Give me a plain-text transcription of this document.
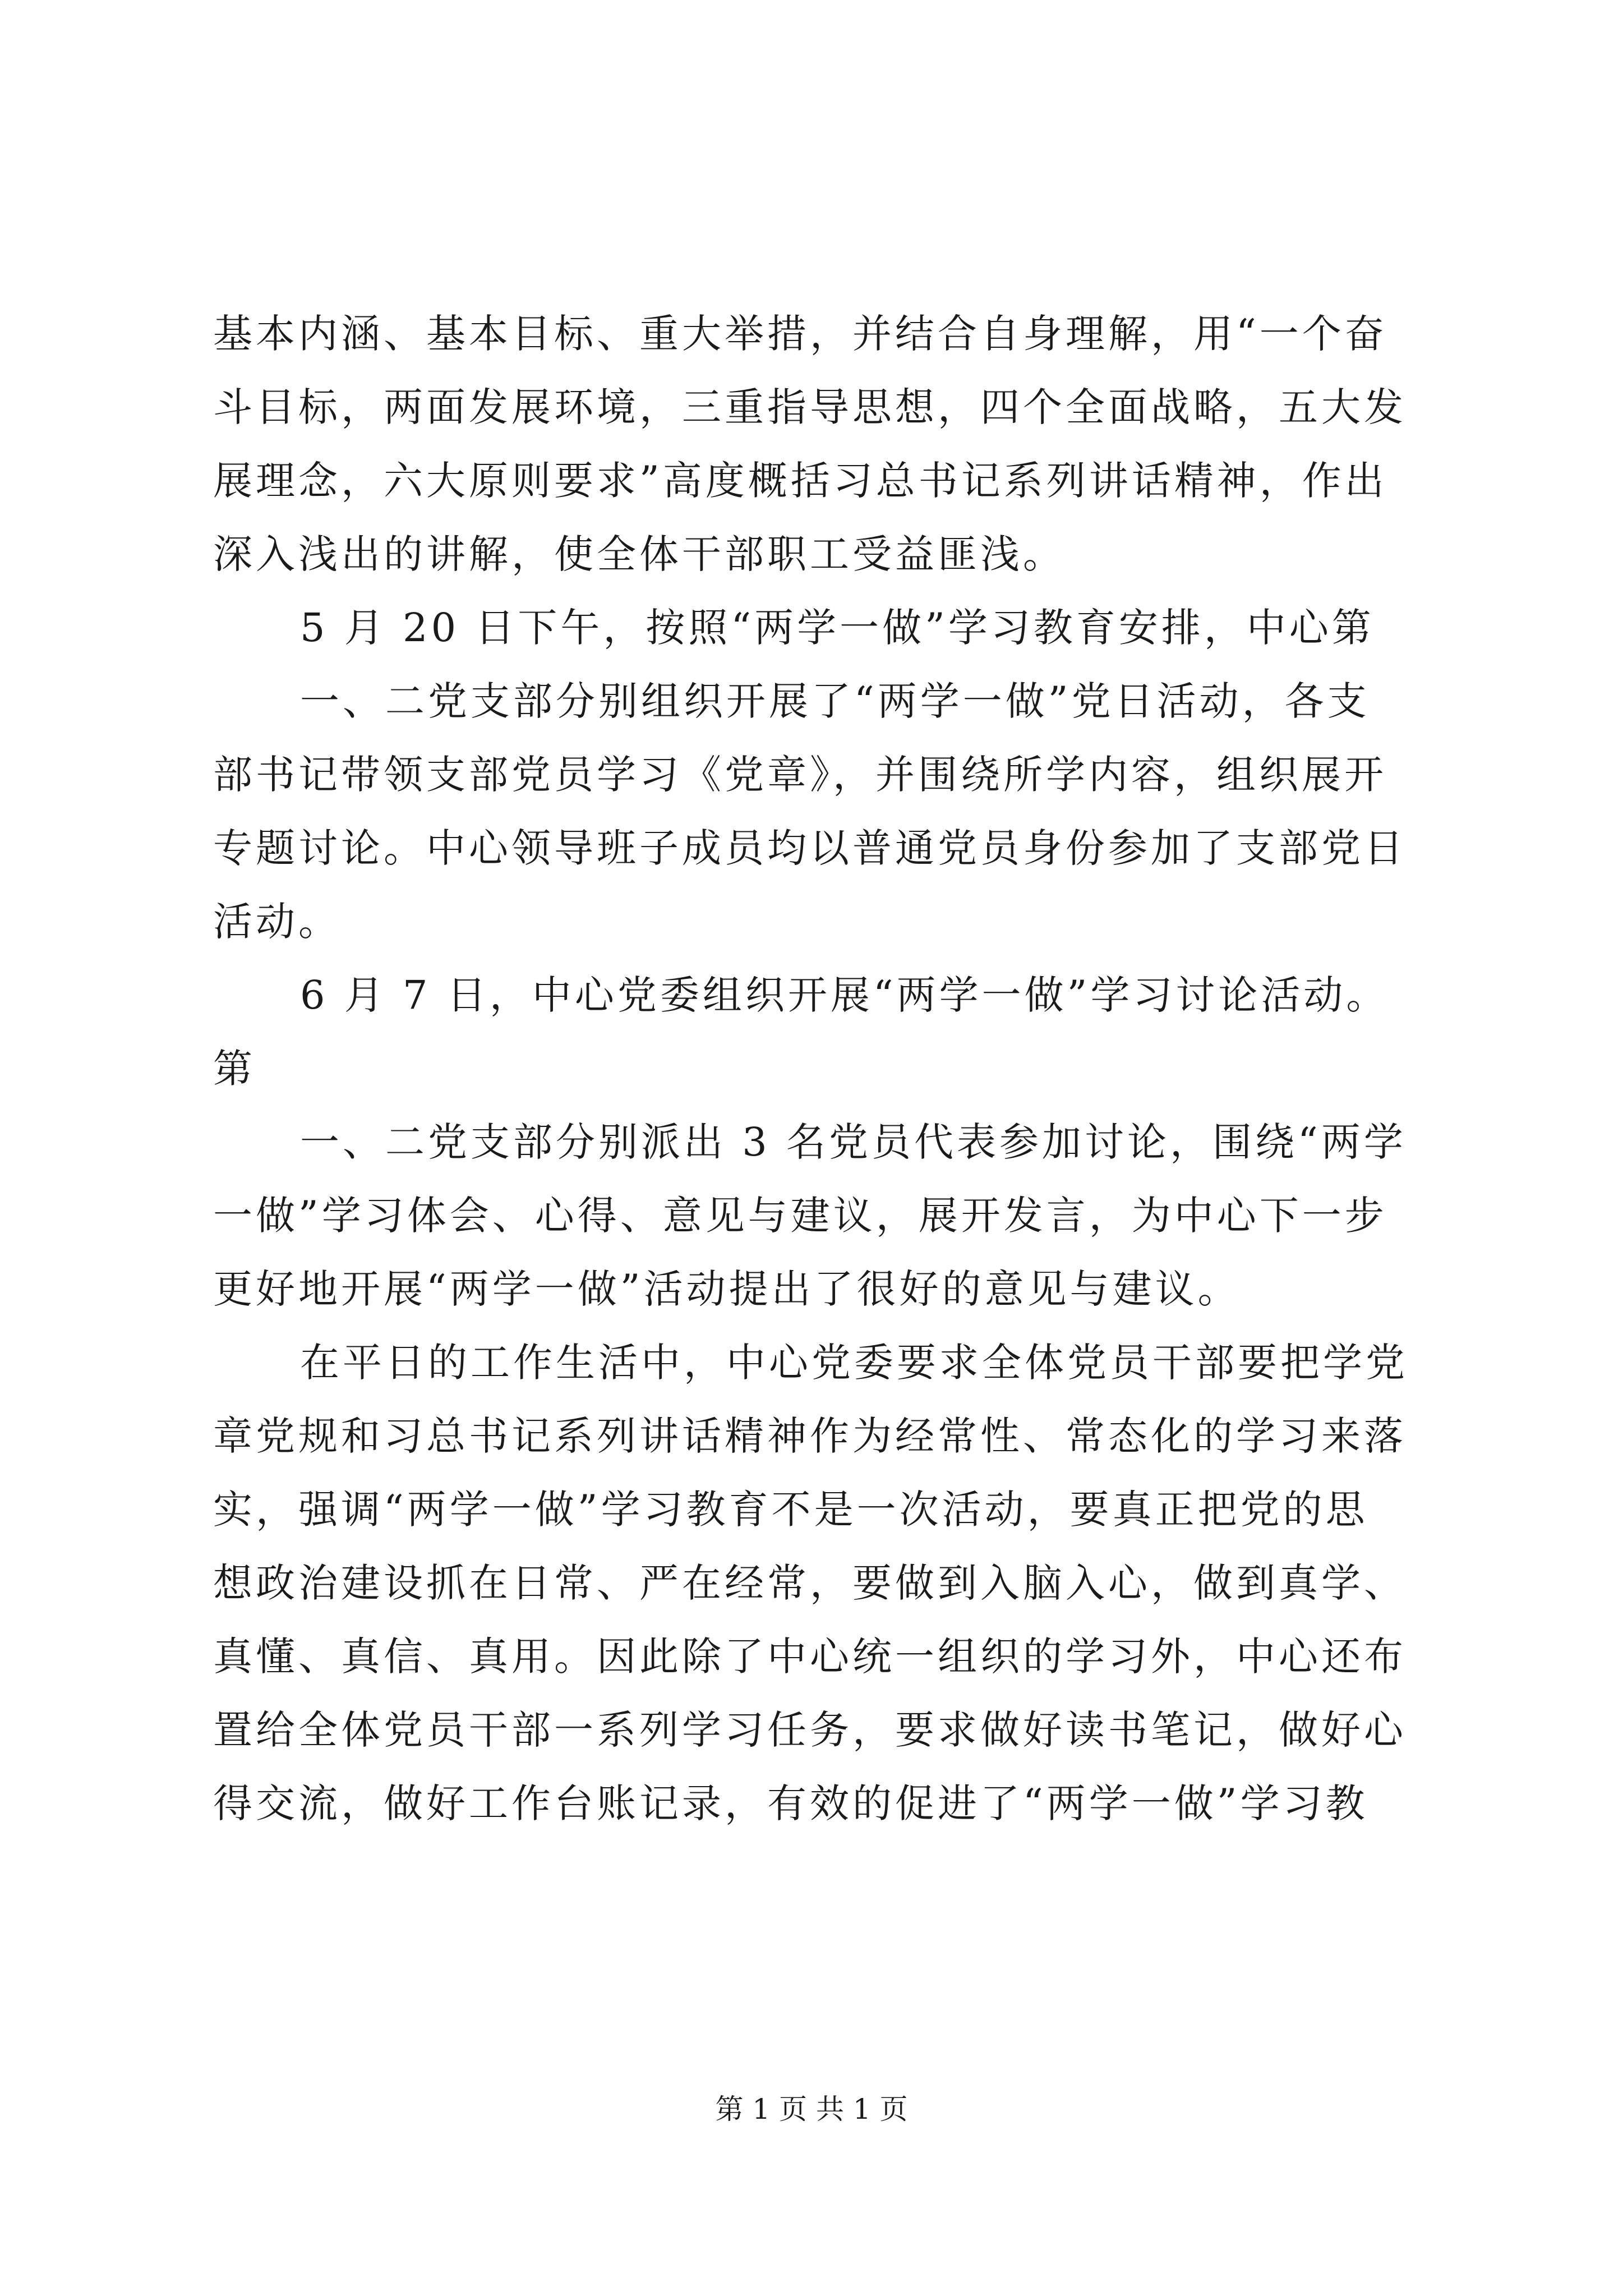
基本内涵、基本目标、重大举措，并结合自身理解，用“一个奋
斗目标，两面发展环境，三重指导思想，四个全面战略，五大发
展理念，六大原则要求”高度概括习总书记系列讲话精神，作出
深入浅出的讲解，使全体干部职工受益匪浅。
5 月 20 日下午，按照“两学一做”学习教育安排，中心第
一、二党支部分别组织开展了“两学一做”党日活动，各支
部书记带领支部党员学习《党章》，并围绕所学内容，组织展开
专题讨论。中心领导班子成员均以普通党员身份参加了支部党日
活动。
6 月 7 日，中心党委组织开展“两学一做”学习讨论活动。
第
一、二党支部分别派出 3 名党员代表参加讨论，围绕“两学
一做”学习体会、心得、意见与建议，展开发言，为中心下一步
更好地开展“两学一做”活动提出了很好的意见与建议。
在平日的工作生活中，中心党委要求全体党员干部要把学党
章党规和习总书记系列讲话精神作为经常性、常态化的学习来落
实，强调“两学一做”学习教育不是一次活动，要真正把党的思
想政治建设抓在日常、严在经常，要做到入脑入心，做到真学、
真懂、真信、真用。因此除了中心统一组织的学习外，中心还布
置给全体党员干部一系列学习任务，要求做好读书笔记，做好心
得交流，做好工作台账记录，有效的促进了“两学一做”学习教
第 1 页 共 1 页
